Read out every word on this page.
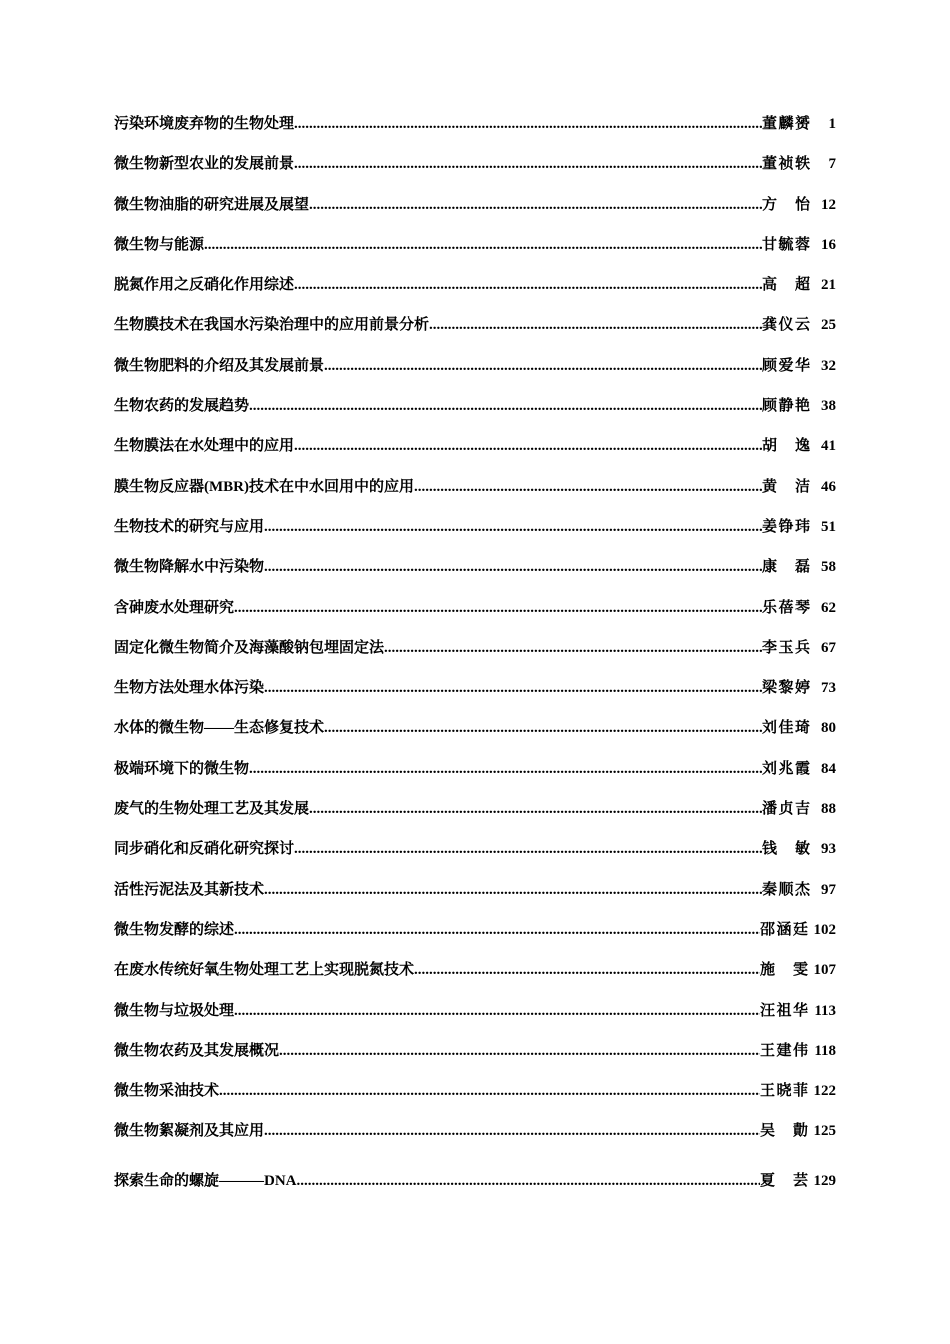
污染环境废弃物的生物处理 .....	董麟赟	1
微生物新型农业的发展前景 .....	董祯轶	7
微生物油脂的研究进展及展望 .....	方　怡 12
微生物与能源 .....	甘毓蓉 16
脱氮作用之反硝化作用综述 .....	高　超 21
生物膜技术在我国水污染治理中的应用前景分析 .....	龚仪云 25
微生物肥料的介绍及其发展前景 .....	顾爱华 32
生物农药的发展趋势 .....	顾静艳 38
生物膜法在水处理中的应用 .....	胡　逸 41
膜生物反应器(MBR)技术在中水回用中的应用 .....	黄　洁 46
生物技术的研究与应用 .....	姜铮玮 51
微生物降解水中污染物 .....	康　磊 58
含砷废水处理研究 .....	乐蓓琴 62
固定化微生物简介及海藻酸钠包埋固定法 .....	李玉兵 67
生物方法处理水体污染 .....	梁黎婷 73
水体的微生物——生态修复技术 .....	刘佳琦 80
极端环境下的微生物 .....	刘兆霞 84
废气的生物处理工艺及其发展 .....	潘贞吉 88
同步硝化和反硝化研究探讨 .....	钱　敏 93
活性污泥法及其新技术 .....	秦顺杰 97
微生物发酵的综述 .....	邵涵廷 102
在废水传统好氧生物处理工艺上实现脱氮技术 .....	施　雯 107
微生物与垃圾处理 .....	汪祖华 113
微生物农药及其发展概况 .....	王建伟 118
微生物采油技术 .....	王晓菲 122
微生物絮凝剂及其应用 .....	吴　勣 125
探索生命的螺旋———DNA .....	夏　芸 129
